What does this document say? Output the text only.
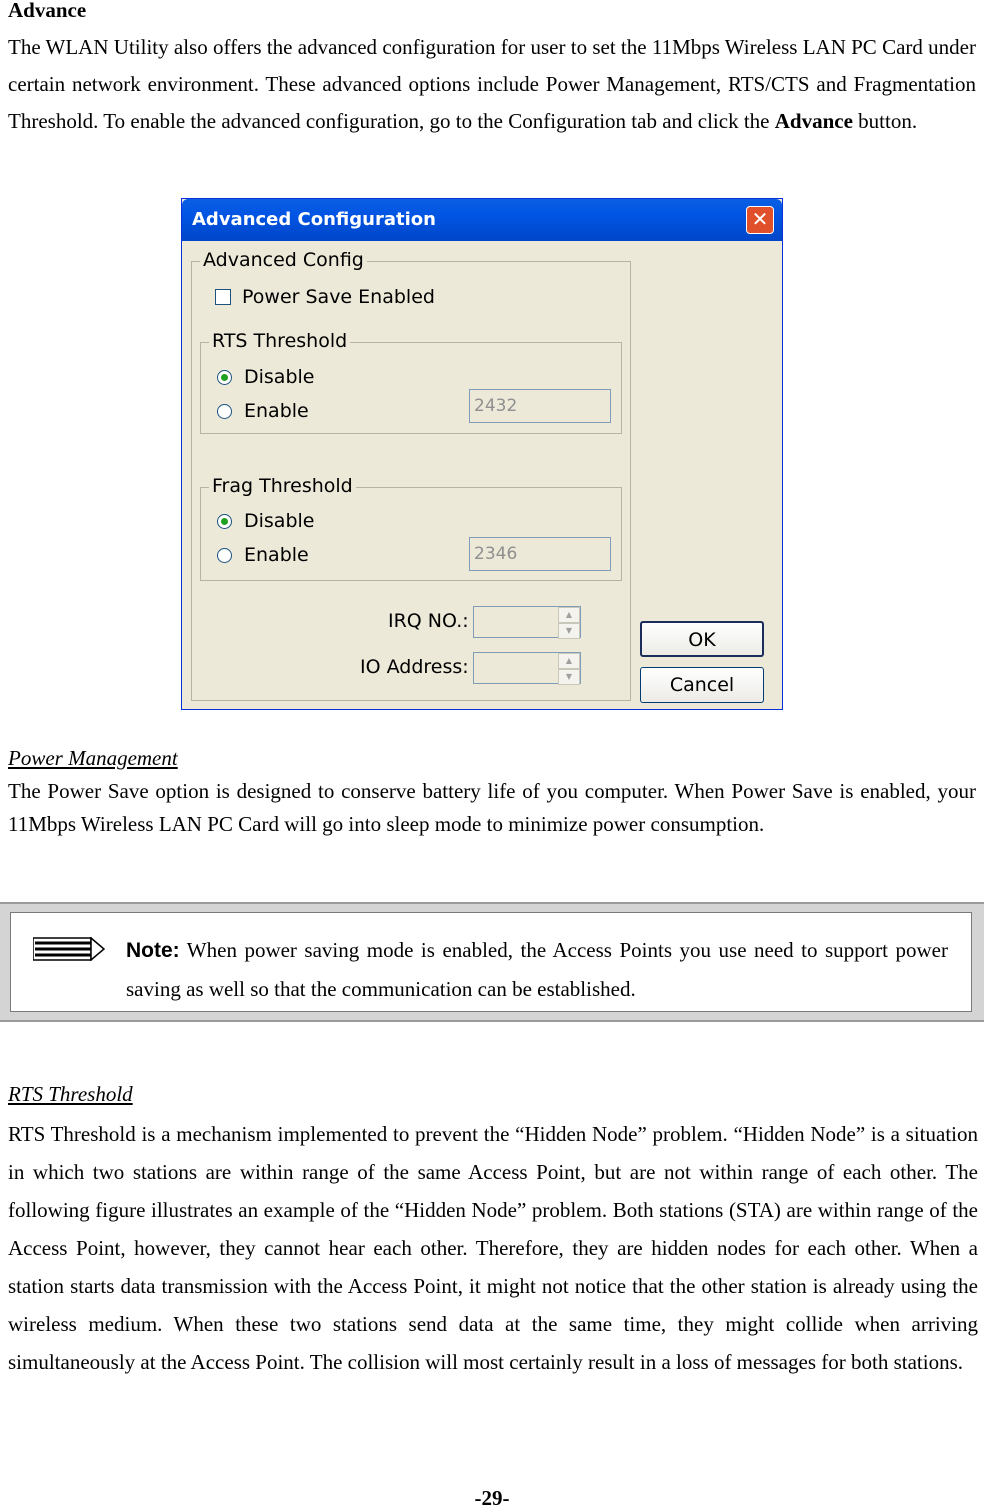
Advance
The WLAN Utility also offers the advanced configuration for user to set the 11Mbps Wireless LAN PC Card under certain network environment. These advanced options include Power Management, RTS/CTS and Fragmentation Threshold. To enable the advanced configuration, go to the Configuration tab and click the Advance button.
Advanced Configuration	✕
Advanced Config
Power Save Enabled
RTS Threshold
Disable
Enable	2432
Frag Threshold
Disable
Enable	2346
IRQ NO.:	▲
▼
IO Address:	▲
▼
OK
Cancel
Power Management
The Power Save option is designed to conserve battery life of you computer. When Power Save is enabled, your 11Mbps Wireless LAN PC Card will go into sleep mode to minimize power consumption.
Note: When power saving mode is enabled, the Access Points you use need to support power saving as well so that the communication can be established.
RTS Threshold
RTS Threshold is a mechanism implemented to prevent the “Hidden Node” problem. “Hidden Node” is a situation in which two stations are within range of the same Access Point, but are not within range of each other. The following figure illustrates an example of the “Hidden Node” problem. Both stations (STA) are within range of the Access Point, however, they cannot hear each other. Therefore, they are hidden nodes for each other. When a station starts data transmission with the Access Point, it might not notice that the other station is already using the wireless medium. When these two stations send data at the same time, they might collide when arriving simultaneously at the Access Point. The collision will most certainly result in a loss of messages for both stations.
-29-
